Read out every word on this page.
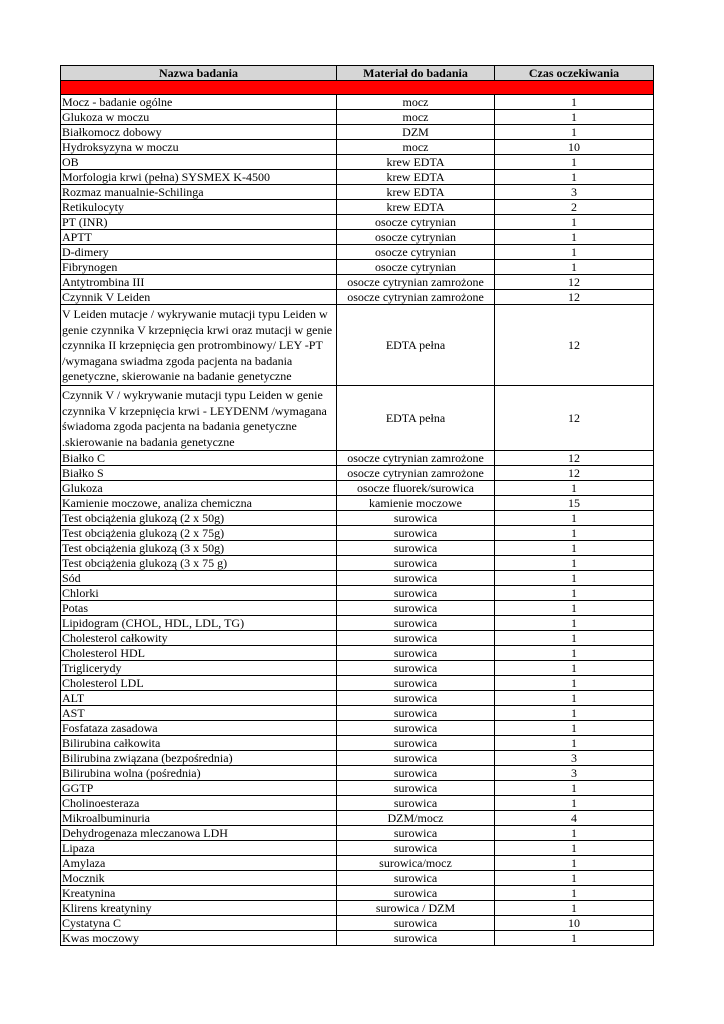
Nazwa badania	Materiał do badania	Czas oczekiwania

Mocz - badanie ogólne	mocz	1
Glukoza w moczu	mocz	1
Białkomocz dobowy	DZM	1
Hydroksyzyna w moczu	mocz	10
OB	krew EDTA	1
Morfologia krwi (pełna) SYSMEX K-4500	krew EDTA	1
Rozmaz manualnie-Schilinga	krew EDTA	3
Retikulocyty	krew EDTA	2
PT (INR)	osocze cytrynian	1
APTT	osocze cytrynian	1
D-dimery	osocze cytrynian	1
Fibrynogen	osocze cytrynian	1
Antytrombina III	osocze cytrynian zamrożone	12
Czynnik V Leiden	osocze cytrynian zamrożone	12
V Leiden mutacje / wykrywanie mutacji typu Leiden w genie czynnika V krzepnięcia krwi oraz mutacji w genie czynnika II krzepnięcia gen protrombinowy/ LEY -PT /wymagana swiadma zgoda pacjenta na badania genetyczne, skierowanie na badanie genetyczne	EDTA pełna	12
Czynnik V / wykrywanie mutacji typu Leiden w genie czynnika V krzepnięcia krwi - LEYDENM /wymagana świadoma zgoda pacjenta na badania genetyczne .skierowanie na badania genetyczne	EDTA pełna	12
Białko C	osocze cytrynian zamrożone	12
Białko S	osocze cytrynian zamrożone	12
Glukoza	osocze fluorek/surowica	1
Kamienie moczowe, analiza chemiczna	kamienie moczowe	15
Test obciążenia glukozą (2 x 50g)	surowica	1
Test obciążenia glukozą (2 x 75g)	surowica	1
Test obciążenia glukozą (3 x 50g)	surowica	1
Test obciążenia glukozą (3 x 75 g)	surowica	1
Sód	surowica	1
Chlorki	surowica	1
Potas	surowica	1
Lipidogram (CHOL, HDL, LDL, TG)	surowica	1
Cholesterol całkowity	surowica	1
Cholesterol HDL	surowica	1
Triglicerydy	surowica	1
Cholesterol LDL	surowica	1
ALT	surowica	1
AST	surowica	1
Fosfataza zasadowa	surowica	1
Bilirubina całkowita	surowica	1
Bilirubina związana (bezpośrednia)	surowica	3
Bilirubina wolna (pośrednia)	surowica	3
GGTP	surowica	1
Cholinoesteraza	surowica	1
Mikroalbuminuria	DZM/mocz	4
Dehydrogenaza mleczanowa LDH	surowica	1
Lipaza	surowica	1
Amylaza	surowica/mocz	1
Mocznik	surowica	1
Kreatynina	surowica	1
Klirens kreatyniny	surowica / DZM	1
Cystatyna C	surowica	10
Kwas moczowy	surowica	1
